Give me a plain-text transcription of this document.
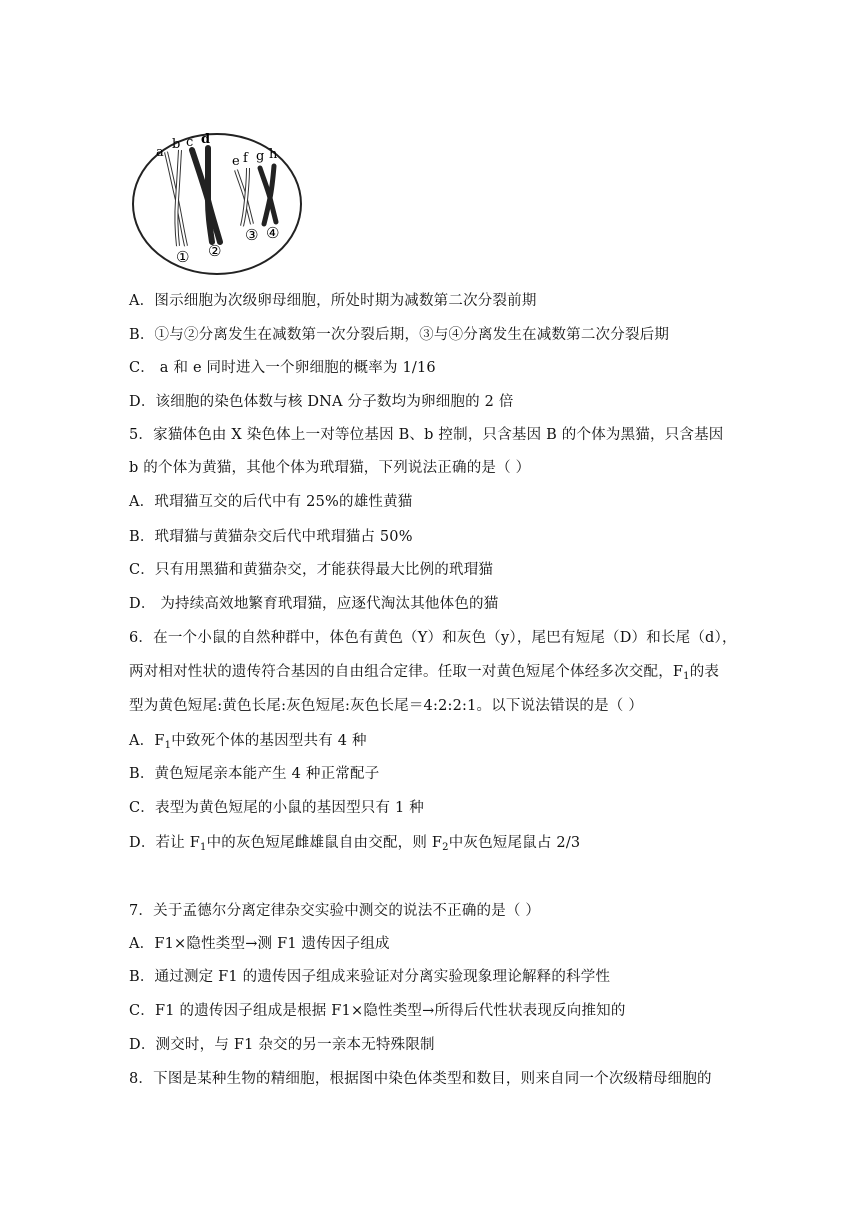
a
b c d
e f g h
① ②
③ ④
A．图示细胞为次级卵母细胞，所处时期为减数第二次分裂前期
B．①与②分离发生在减数第一次分裂后期，③与④分离发生在减数第二次分裂后期
C． a 和 e 同时进入一个卵细胞的概率为 1/16
D．该细胞的染色体数与核 DNA 分子数均为卵细胞的 2 倍
5．家猫体色由 X 染色体上一对等位基因 B、b 控制，只含基因 B 的个体为黑猫，只含基因
b 的个体为黄猫，其他个体为玳瑁猫，下列说法正确的是（ ）
A．玳瑁猫互交的后代中有 25%的雄性黄猫
B．玳瑁猫与黄猫杂交后代中玳瑁猫占 50%
C．只有用黑猫和黄猫杂交，才能获得最大比例的玳瑁猫
D． 为持续高效地繁育玳瑁猫，应逐代淘汰其他体色的猫
6．在一个小鼠的自然种群中，体色有黄色（Y）和灰色（y），尾巴有短尾（D）和长尾（d），
两对相对性状的遗传符合基因的自由组合定律。任取一对黄色短尾个体经多次交配，$F_1$的表
型为黄色短尾:黄色长尾:灰色短尾:灰色长尾＝4:2:2:1。以下说法错误的是（ ）
A．$F_1$中致死个体的基因型共有 4 种
B．黄色短尾亲本能产生 4 种正常配子
C．表型为黄色短尾的小鼠的基因型只有 1 种
D．若让 $F_1$中的灰色短尾雌雄鼠自由交配，则 $F_2$中灰色短尾鼠占 2/3
7．关于孟德尔分离定律杂交实验中测交的说法不正确的是（ ）
A．F1×隐性类型→测 F1 遗传因子组成
B．通过测定 F1 的遗传因子组成来验证对分离实验现象理论解释的科学性
C．F1 的遗传因子组成是根据 F1×隐性类型→所得后代性状表现反向推知的
D．测交时，与 F1 杂交的另一亲本无特殊限制
8．下图是某种生物的精细胞，根据图中染色体类型和数目，则来自同一个次级精母细胞的
